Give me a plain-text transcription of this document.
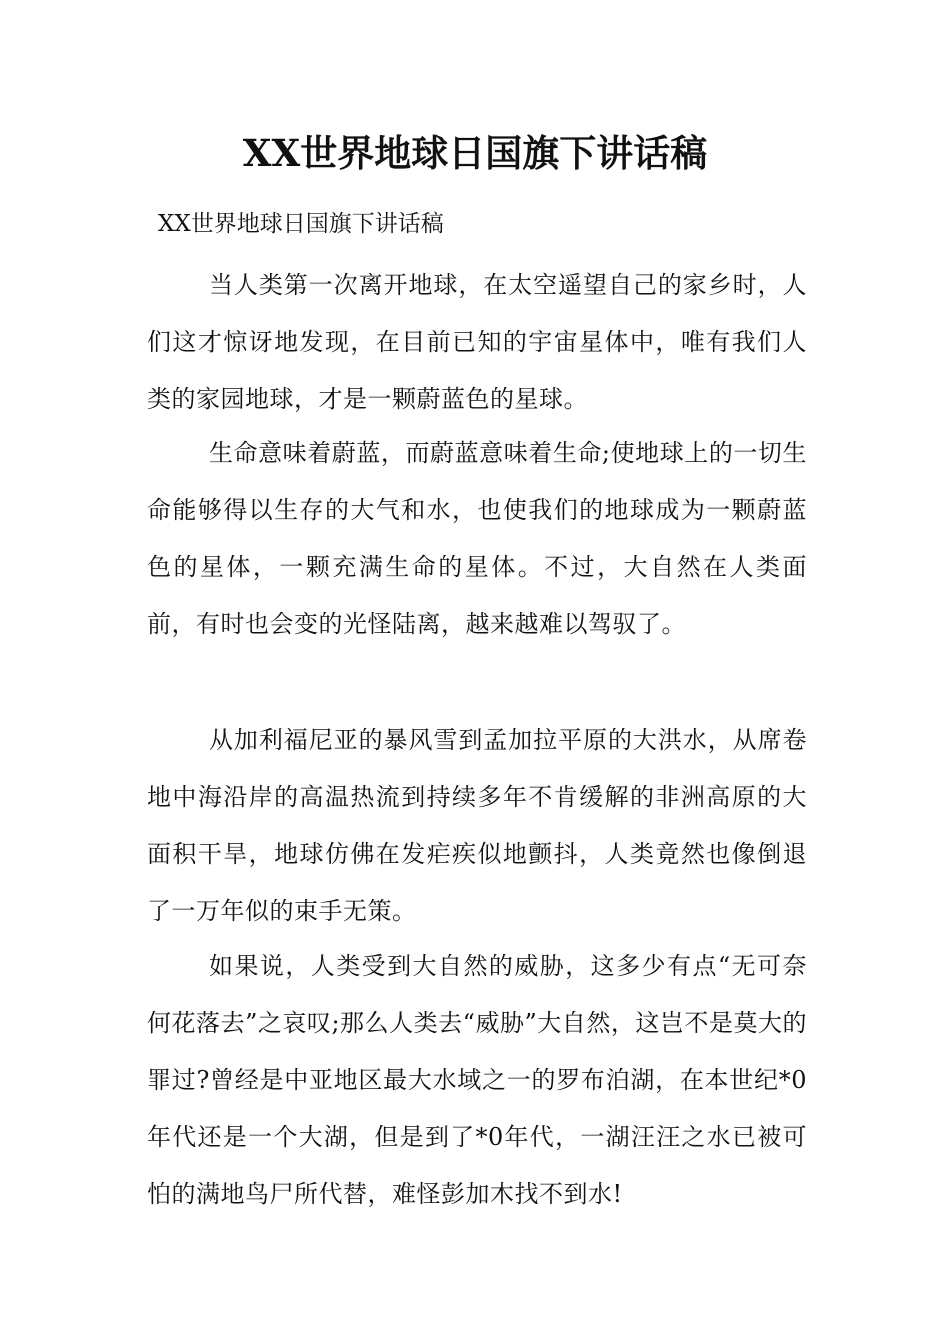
XX世界地球日国旗下讲话稿

XX世界地球日国旗下讲话稿

当人类第一次离开地球，在太空遥望自己的家乡时，人们这才惊讶地发现，在目前已知的宇宙星体中，唯有我们人类的家园地球，才是一颗蔚蓝色的星球。

生命意味着蔚蓝，而蔚蓝意味着生命;使地球上的一切生命能够得以生存的大气和水，也使我们的地球成为一颗蔚蓝色的星体，一颗充满生命的星体。不过，大自然在人类面前，有时也会变的光怪陆离，越来越难以驾驭了。

从加利福尼亚的暴风雪到孟加拉平原的大洪水，从席卷地中海沿岸的高温热流到持续多年不肯缓解的非洲高原的大面积干旱，地球仿佛在发疟疾似地颤抖，人类竟然也像倒退了一万年似的束手无策。

如果说，人类受到大自然的威胁，这多少有点“无可奈何花落去”之哀叹;那么人类去“威胁”大自然，这岂不是莫大的罪过?曾经是中亚地区最大水域之一的罗布泊湖，在本世纪*0年代还是一个大湖，但是到了*0年代，一湖汪汪之水已被可怕的满地鸟尸所代替，难怪彭加木找不到水!
